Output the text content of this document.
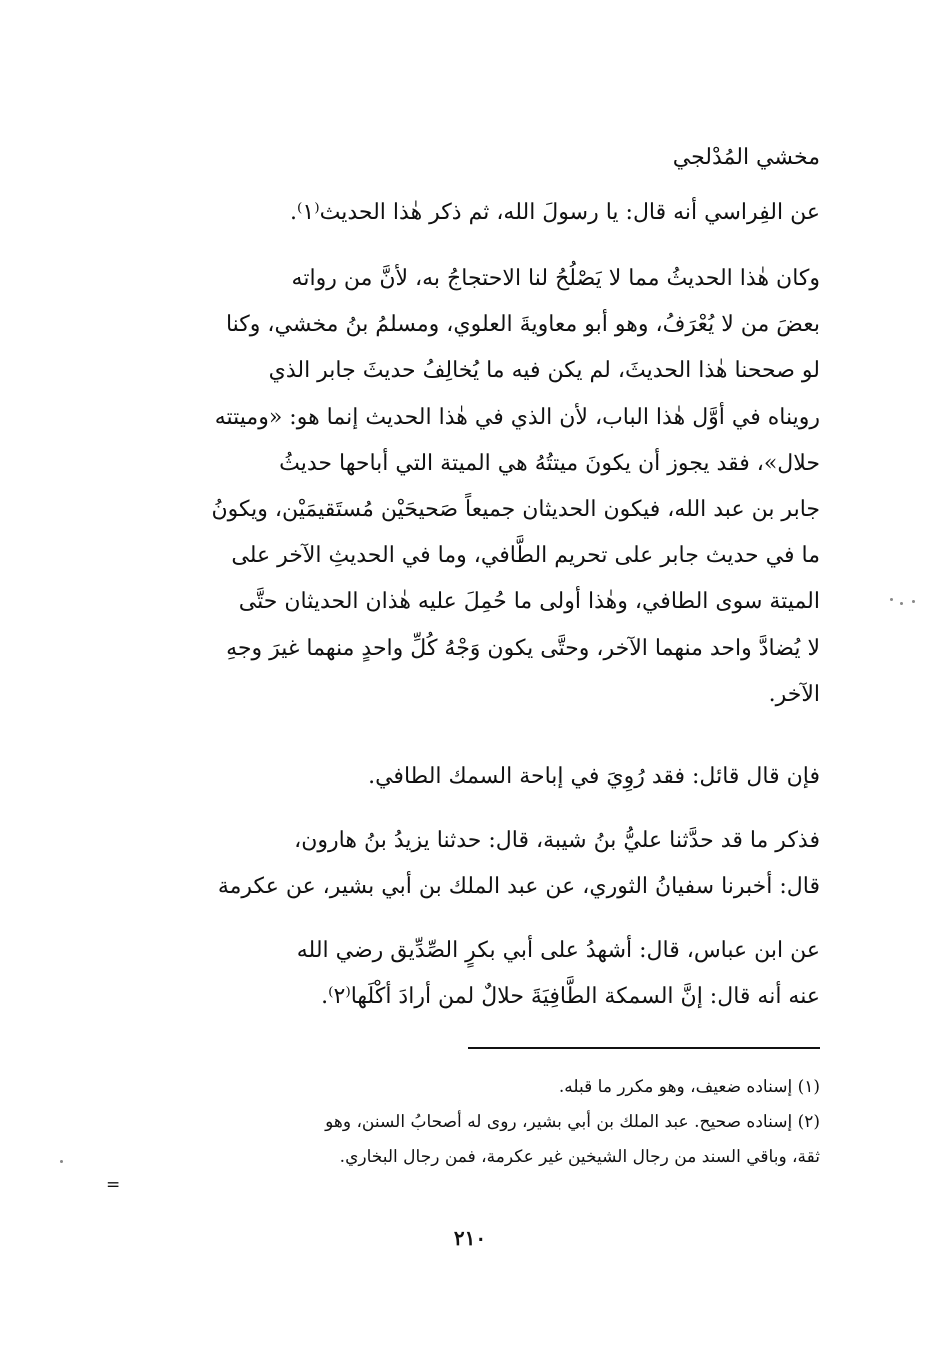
مخشي المُدْلجي
عن الفِراسي أنه قال: يا رسولَ الله، ثم ذكر هٰذا الحديث⁽١⁾.
وكان هٰذا الحديثُ مما لا يَصْلُحُ لنا الاحتجاجُ به، لأنَّ من رواته
بعضَ من لا يُعْرَفُ، وهو أبو معاويةَ العلوي، ومسلمُ بنُ مخشي، وكنا
لو صححنا هٰذا الحديثَ، لم يكن فيه ما يُخالِفُ حديثَ جابر الذي
رويناه في أوَّل هٰذا الباب، لأن الذي في هٰذا الحديث إنما هو: «وميتته
حلال»، فقد يجوز أن يكونَ ميتتُهُ هي الميتة التي أباحها حديثُ
جابر بن عبد الله، فيكون الحديثان جميعاً صَحيحَيْن مُستَقيمَيْن، ويكونُ
ما في حديث جابر على تحريم الطَّافي، وما في الحديثِ الآخر على
الميتة سوى الطافي، وهٰذا أولى ما حُمِلَ عليه هٰذان الحديثان حتَّى
لا يُضادَّ واحد منهما الآخر، وحتَّى يكون وَجْهُ كُلِّ واحدٍ منهما غيرَ وجهِ
الآخر.
فإن قال قائل: فقد رُوِيَ في إباحة السمك الطافي.
فذكر ما قد حدَّثنا عليُّ بنُ شيبة، قال: حدثنا يزيدُ بنُ هارون،
قال: أخبرنا سفيانُ الثوري، عن عبد الملك بن أبي بشير، عن عكرمة
عن ابن عباس، قال: أشهدُ على أبي بكرٍ الصِّدِّيق رضي الله
عنه أنه قال: إنَّ السمكة الطَّافِيَةَ حلالٌ لمن أرادَ أكْلَها⁽٢⁾.
(١) إسناده ضعيف، وهو مكرر ما قبله.
(٢) إسناده صحيح. عبد الملك بن أبي بشير، روى له أصحابُ السنن، وهو
ثقة، وباقي السند من رجال الشيخين غير عكرمة، فمن رجال البخاري.
=
٢١٠
